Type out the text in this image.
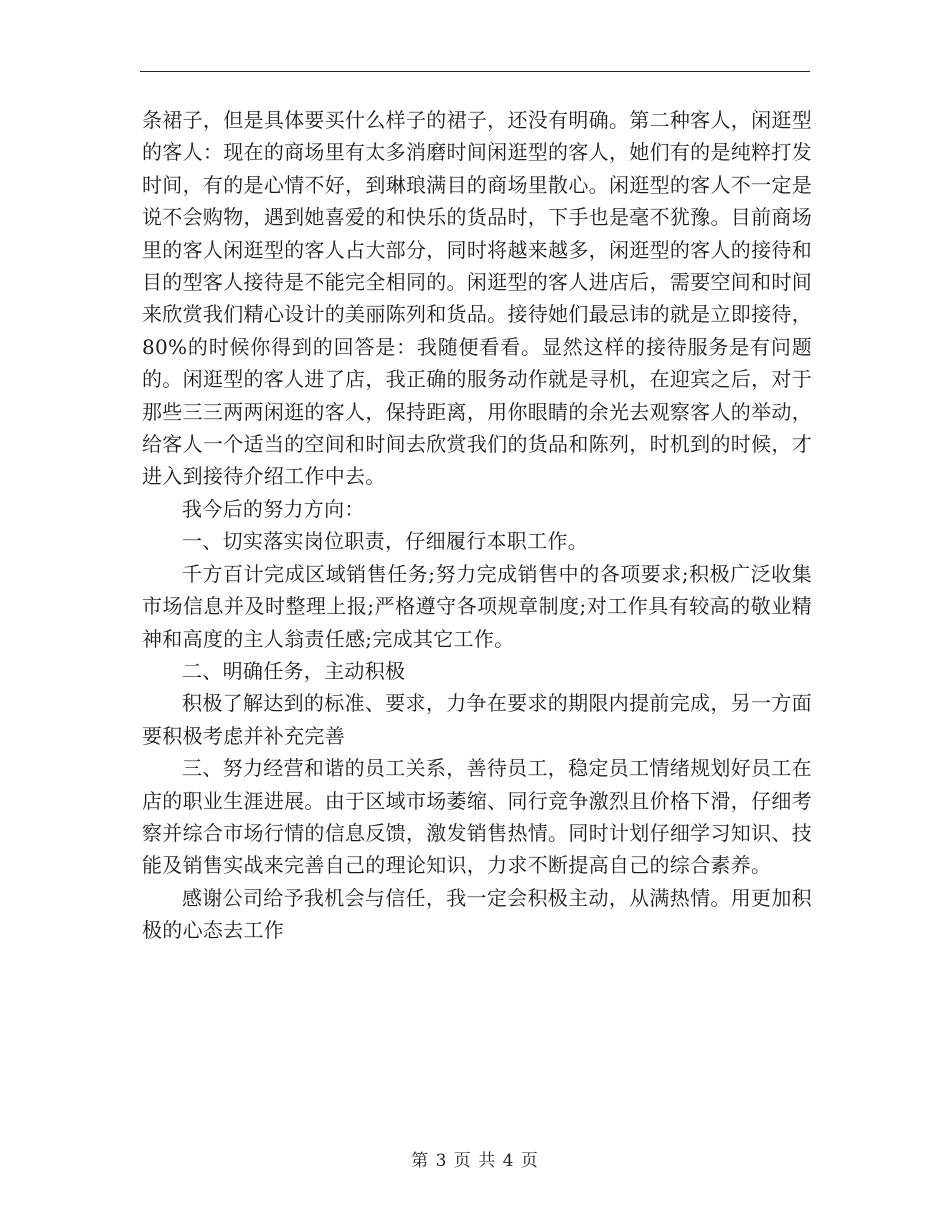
条裙子，但是具体要买什么样子的裙子，还没有明确。第二种客人，闲逛型的客人：现在的商场里有太多消磨时间闲逛型的客人，她们有的是纯粹打发时间，有的是心情不好，到琳琅满目的商场里散心。闲逛型的客人不一定是说不会购物，遇到她喜爱的和快乐的货品时，下手也是毫不犹豫。目前商场里的客人闲逛型的客人占大部分，同时将越来越多，闲逛型的客人的接待和目的型客人接待是不能完全相同的。闲逛型的客人进店后，需要空间和时间来欣赏我们精心设计的美丽陈列和货品。接待她们最忌讳的就是立即接待，80%的时候你得到的回答是：我随便看看。显然这样的接待服务是有问题的。闲逛型的客人进了店，我正确的服务动作就是寻机，在迎宾之后，对于那些三三两两闲逛的客人，保持距离，用你眼睛的余光去观察客人的举动，给客人一个适当的空间和时间去欣赏我们的货品和陈列，时机到的时候，才进入到接待介绍工作中去。

我今后的努力方向：

一、切实落实岗位职责，仔细履行本职工作。

千方百计完成区域销售任务;努力完成销售中的各项要求;积极广泛收集市场信息并及时整理上报;严格遵守各项规章制度;对工作具有较高的敬业精神和高度的主人翁责任感;完成其它工作。

二、明确任务，主动积极

积极了解达到的标准、要求，力争在要求的期限内提前完成，另一方面要积极考虑并补充完善

三、努力经营和谐的员工关系，善待员工，稳定员工情绪规划好员工在店的职业生涯进展。由于区域市场萎缩、同行竞争激烈且价格下滑，仔细考察并综合市场行情的信息反馈，激发销售热情。同时计划仔细学习知识、技能及销售实战来完善自己的理论知识，力求不断提高自己的综合素养。

感谢公司给予我机会与信任，我一定会积极主动，从满热情。用更加积极的心态去工作

第 3 页 共 4 页
